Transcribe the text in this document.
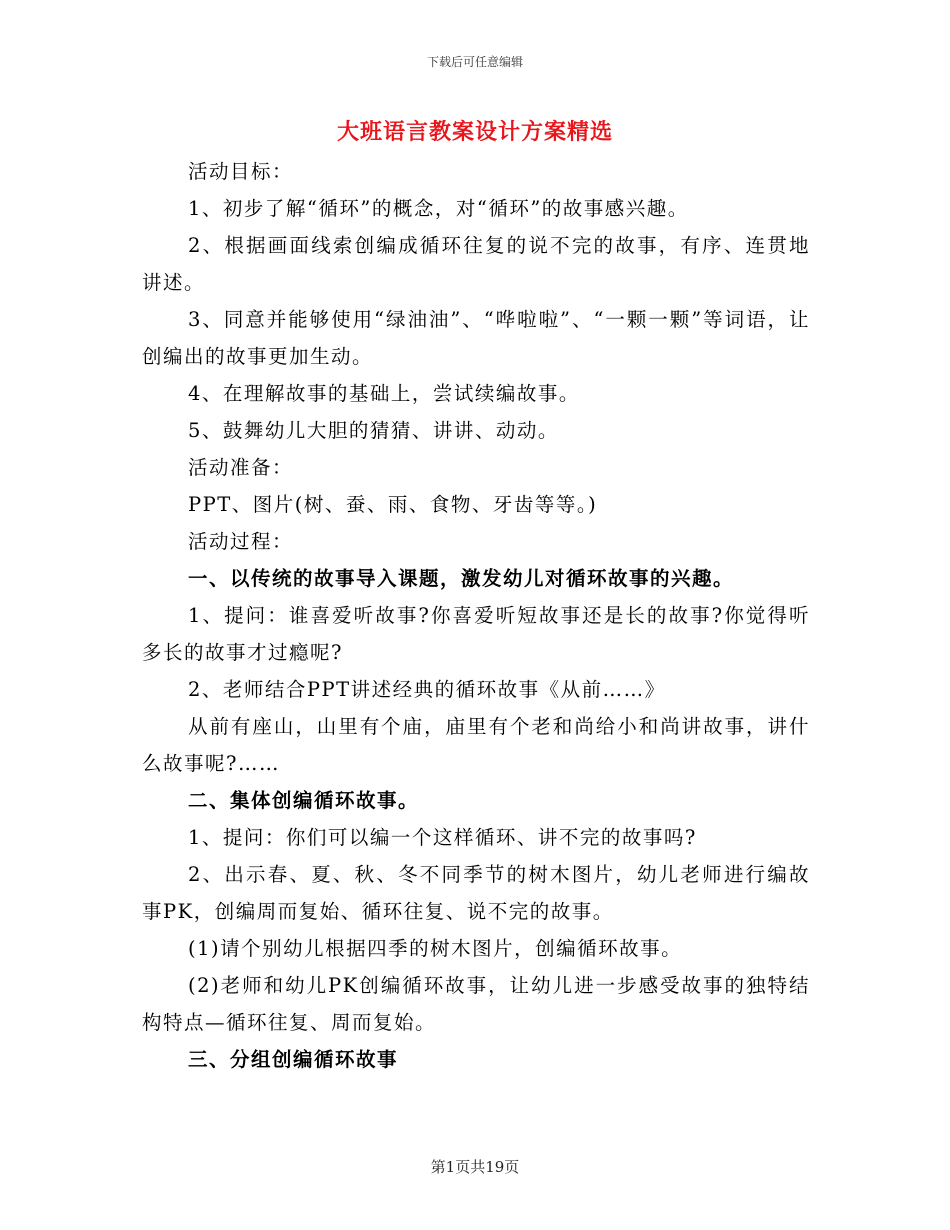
下载后可任意编辑
大班语言教案设计方案精选

活动目标：

1、初步了解“循环”的概念，对“循环”的故事感兴趣。

2、根据画面线索创编成循环往复的说不完的故事，有序、连贯地讲述。

3、同意并能够使用“绿油油”、“哗啦啦”、“一颗一颗”等词语，让创编出的故事更加生动。

4、在理解故事的基础上，尝试续编故事。

5、鼓舞幼儿大胆的猜猜、讲讲、动动。

活动准备：

PPT、图片(树、蚕、雨、食物、牙齿等等。)

活动过程：

一、以传统的故事导入课题，激发幼儿对循环故事的兴趣。

1、提问：谁喜爱听故事?你喜爱听短故事还是长的故事?你觉得听多长的故事才过瘾呢?

2、老师结合PPT讲述经典的循环故事《从前……》

从前有座山，山里有个庙，庙里有个老和尚给小和尚讲故事，讲什么故事呢?……

二、集体创编循环故事。

1、提问：你们可以编一个这样循环、讲不完的故事吗?

2、出示春、夏、秋、冬不同季节的树木图片，幼儿老师进行编故事PK，创编周而复始、循环往复、说不完的故事。

(1)请个别幼儿根据四季的树木图片，创编循环故事。

(2)老师和幼儿PK创编循环故事，让幼儿进一步感受故事的独特结构特点—循环往复、周而复始。

三、分组创编循环故事

第1页共19页
